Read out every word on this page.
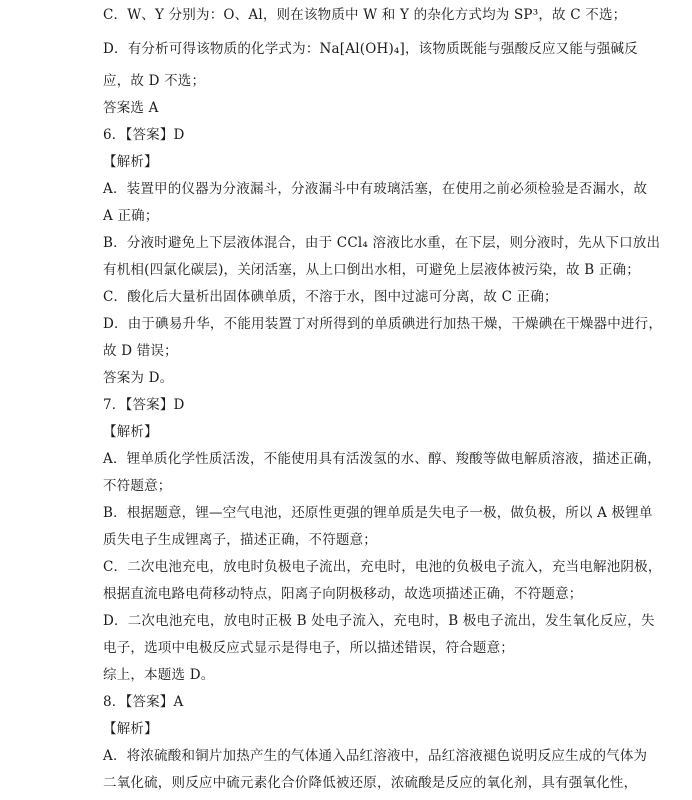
C．W、Y 分别为：O、Al，则在该物质中 W 和 Y 的杂化方式均为 SP³，故 C 不选；
D．有分析可得该物质的化学式为：Na[Al(OH)₄]，该物质既能与强酸反应又能与强碱反
应，故 D 不选；
答案选 A
6．【答案】D
【解析】
A．装置甲的仪器为分液漏斗，分液漏斗中有玻璃活塞，在使用之前必须检验是否漏水，故
A 正确；
B．分液时避免上下层液体混合，由于 CCl₄ 溶液比水重，在下层，则分液时，先从下口放出
有机相(四氯化碳层)，关闭活塞，从上口倒出水相，可避免上层液体被污染，故 B 正确；
C．酸化后大量析出固体碘单质，不溶于水，图中过滤可分离，故 C 正确；
D．由于碘易升华，不能用装置丁对所得到的单质碘进行加热干燥，干燥碘在干燥器中进行，
故 D 错误；
答案为 D。
7．【答案】D
【解析】
A．锂单质化学性质活泼，不能使用具有活泼氢的水、醇、羧酸等做电解质溶液，描述正确，
不符题意；
B．根据题意，锂—空气电池，还原性更强的锂单质是失电子一极，做负极，所以 A 极锂单
质失电子生成锂离子，描述正确，不符题意；
C．二次电池充电，放电时负极电子流出，充电时，电池的负极电子流入，充当电解池阴极，
根据直流电路电荷移动特点，阳离子向阴极移动，故选项描述正确，不符题意；
D．二次电池充电，放电时正极 B 处电子流入，充电时，B 极电子流出，发生氧化反应，失
电子，选项中电极反应式显示是得电子，所以描述错误，符合题意；
综上，本题选 D。
8．【答案】A
【解析】
A．将浓硫酸和铜片加热产生的气体通入品红溶液中，品红溶液褪色说明反应生成的气体为
二氧化硫，则反应中硫元素化合价降低被还原，浓硫酸是反应的氧化剂，具有强氧化性，
